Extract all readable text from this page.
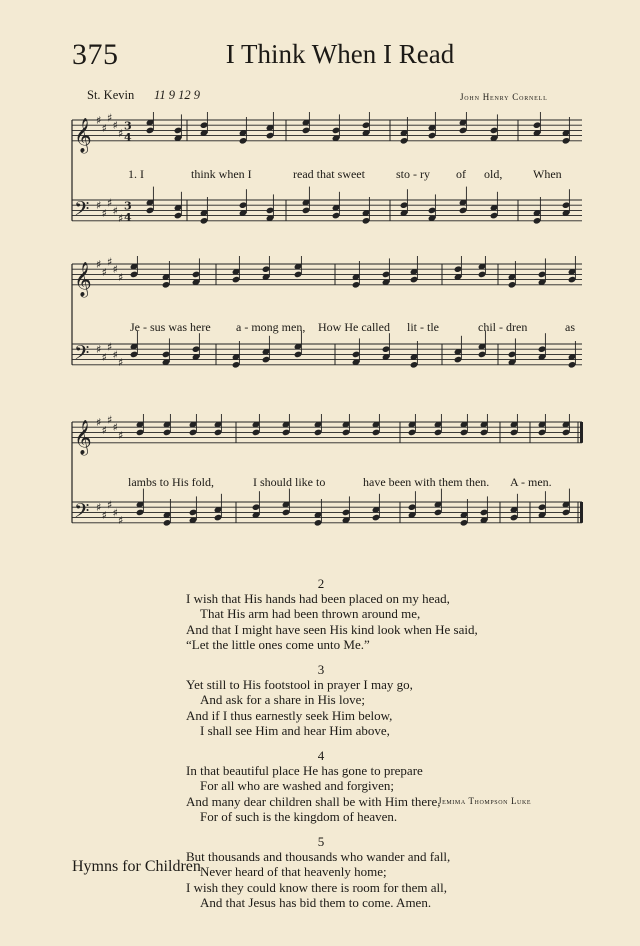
375	I Think When I Read
St. Kevin 11 9 12 9	John Henry Cornell
𝄞 ♯
♯
♯
♯
♯
𝄢 ♯
♯
♯
♯
♯
3
4
3
4
𝄞 ♯
♯
♯
♯
♯
𝄢 ♯
♯
♯
♯
♯
𝄞 ♯
♯
♯
♯
♯
𝄢 ♯
♯
♯
♯
♯
1. I	think when I	read that sweet	sto - ry of old,	When
Je - sus was here a - mong men, How He called lit - tle	chil - dren	as
lambs to His fold,	I should like to	have been with them then. A - men.
2
I wish that His hands had been placed on my head,
That His arm had been thrown around me,
And that I might have seen His kind look when He said,
“Let the little ones come unto Me.”
3
Yet still to His footstool in prayer I may go,
And ask for a share in His love;
And if I thus earnestly seek Him below,
I shall see Him and hear Him above,
4
In that beautiful place He has gone to prepare
For all who are washed and forgiven;
And many dear children shall be with Him there,
For of such is the kingdom of heaven.
5
But thousands and thousands who wander and fall,
Never heard of that heavenly home;
I wish they could know there is room for them all,
And that Jesus has bid them to come. Amen.
Jemima Thompson Luke
Hymns for Children
